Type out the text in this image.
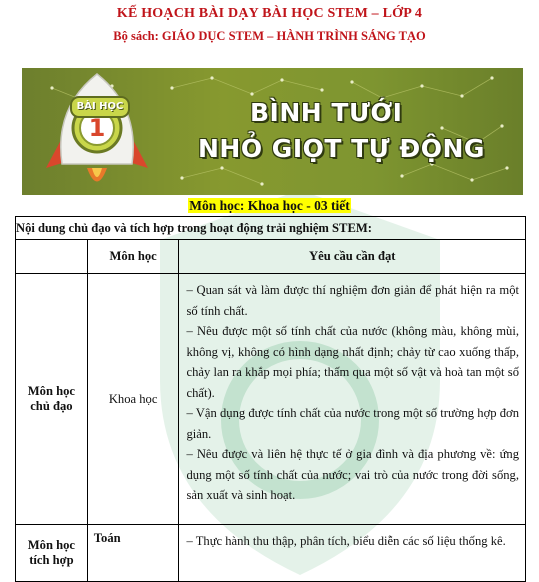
KẾ HOẠCH BÀI DẠY BÀI HỌC STEM – LỚP 4
Bộ sách: GIÁO DỤC STEM – HÀNH TRÌNH SÁNG TẠO
BÀI HỌC
1
BÌNH TƯỚI
NHỎ GIỌT TỰ ĐỘNG
Môn học: Khoa học - 03 tiết
Nội dung chủ đạo và tích hợp trong hoạt động trải nghiệm STEM:		
	Môn học	Yêu cầu cần đạt
Môn học chủ đạo	Khoa học	– Quan sát và làm được thí nghiệm đơn giản để phát hiện ra một số tính chất.

– Nêu được một số tính chất của nước (không màu, không mùi, không vị, không có hình dạng nhất định; chảy từ cao xuống thấp, chảy lan ra khắp mọi phía; thấm qua một số vật và hoà tan một số chất).

– Vận dụng được tính chất của nước trong một số trường hợp đơn giản.

– Nêu được và liên hệ thực tế ở gia đình và địa phương về: ứng dụng một số tính chất của nước; vai trò của nước trong đời sống, sản xuất và sinh hoạt.

Môn học tích hợp	Toán	– Thực hành thu thập, phân tích, biểu diễn các số liệu thống kê.
